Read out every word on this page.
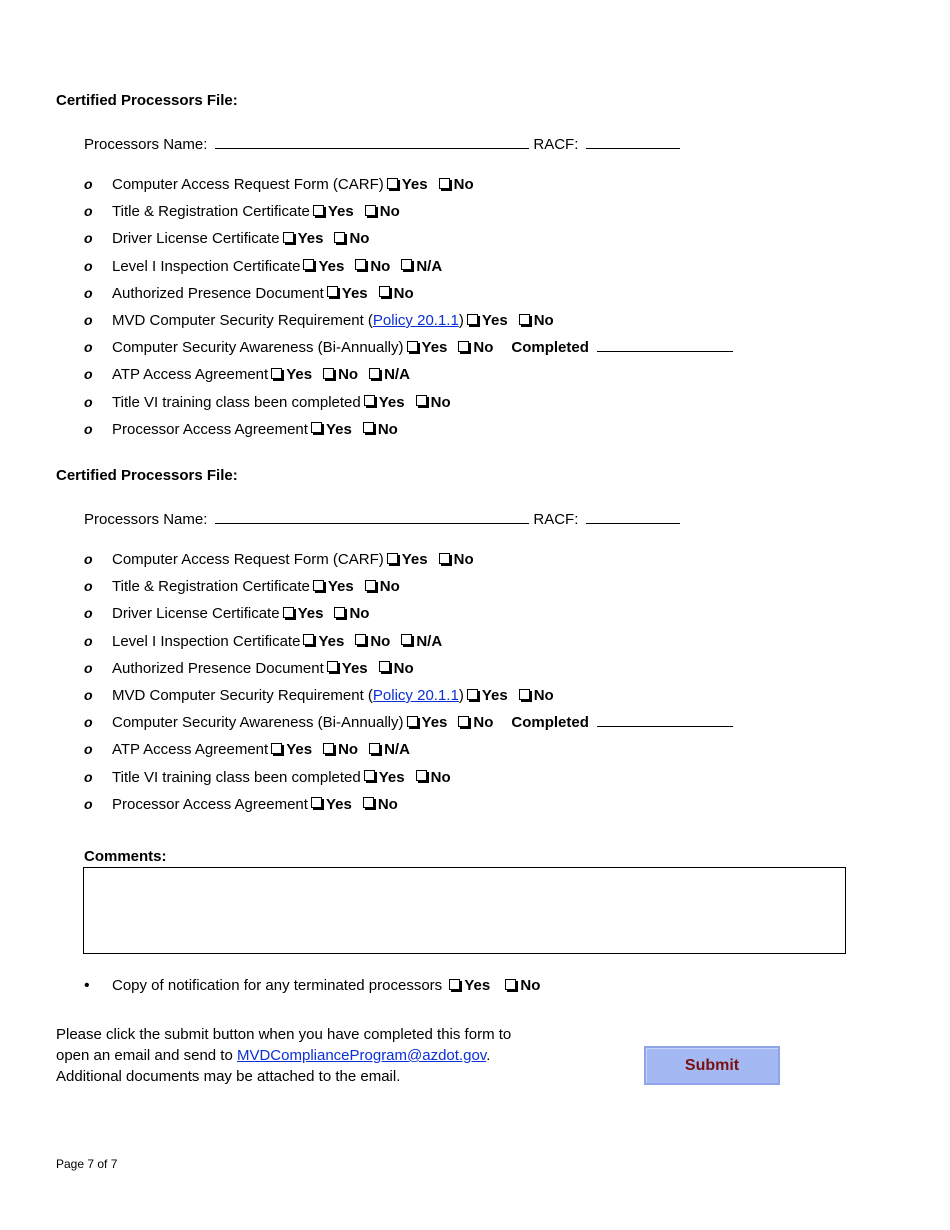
Certified Processors File:
Processors Name:	RACF:
o Computer Access Request Form (CARF) Yes No
o Title & Registration Certificate Yes No
o Driver License Certificate Yes No
o Level I Inspection Certificate Yes No N/A
o Authorized Presence Document Yes No
o MVD Computer Security Requirement (Policy 20.1.1) Yes No
o Computer Security Awareness (Bi-Annually) Yes No Completed
o ATP Access Agreement Yes No N/A
o Title VI training class been completed Yes No
o Processor Access Agreement Yes No
Certified Processors File:
Processors Name:	RACF:
o Computer Access Request Form (CARF) Yes No
o Title & Registration Certificate Yes No
o Driver License Certificate Yes No
o Level I Inspection Certificate Yes No N/A
o Authorized Presence Document Yes No
o MVD Computer Security Requirement (Policy 20.1.1) Yes No
o Computer Security Awareness (Bi-Annually) Yes No Completed
o ATP Access Agreement Yes No N/A
o Title VI training class been completed Yes No
o Processor Access Agreement Yes No
Comments:
• Copy of notification for any terminated processors Yes No
Please click the submit button when you have completed this form to
open an email and send to MVDComplianceProgram@azdot.gov.
Additional documents may be attached to the email.
Submit
Page 7 of 7
